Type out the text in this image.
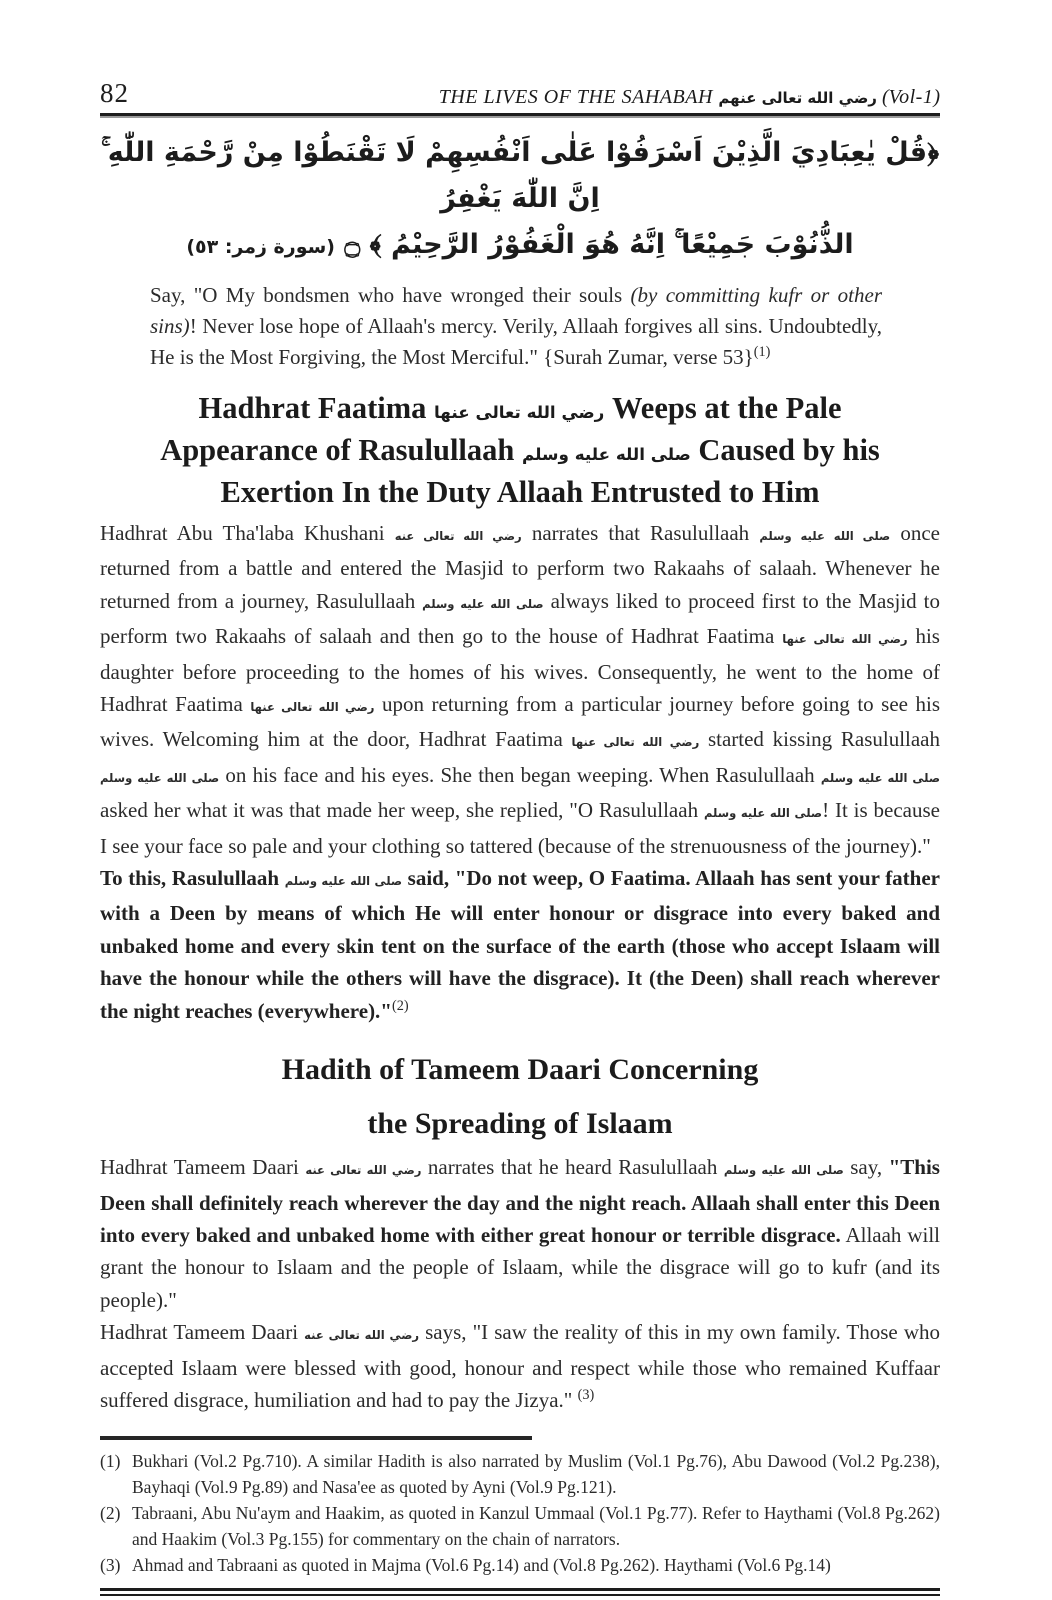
82	THE LIVES OF THE SAHABAH رضي الله تعالى عنهم (Vol-1)
﴿قُلْ يٰعِبَادِيَ الَّذِيْنَ اَسْرَفُوْا عَلٰى اَنْفُسِهِمْ لَا تَقْنَطُوْا مِنْ رَّحْمَةِ اللّٰهِ ۚ اِنَّ اللّٰهَ يَغْفِرُ
الذُّنُوْبَ جَمِيْعًا ۚ اِنَّهُ هُوَ الْغَفُوْرُ الرَّحِيْمُ ﴾ ۝ (سورة زمر: ٥٣)
Say, "O My bondsmen who have wronged their souls (by committing kufr or other sins)! Never lose hope of Allaah's mercy. Verily, Allaah forgives all sins. Undoubtedly, He is the Most Forgiving, the Most Merciful." {Surah Zumar, verse 53}$^{(1)}$
Hadhrat Faatima رضي الله تعالى عنها Weeps at the Pale
Appearance of Rasulullaah صلى الله عليه وسلم Caused by his
Exertion In the Duty Allaah Entrusted to Him

Hadhrat Abu Tha'laba Khushani رضي الله تعالى عنه narrates that Rasulullaah صلى الله عليه وسلم once returned from a battle and entered the Masjid to perform two Rakaahs of salaah. Whenever he returned from a journey, Rasulullaah صلى الله عليه وسلم always liked to proceed first to the Masjid to perform two Rakaahs of salaah and then go to the house of Hadhrat Faatima رضي الله تعالى عنها his daughter before proceeding to the homes of his wives. Consequently, he went to the home of Hadhrat Faatima رضي الله تعالى عنها upon returning from a particular journey before going to see his wives. Welcoming him at the door, Hadhrat Faatima رضي الله تعالى عنها started kissing Rasulullaah صلى الله عليه وسلم on his face and his eyes. She then began weeping. When Rasulullaah صلى الله عليه وسلم asked her what it was that made her weep, she replied, "O Rasulullaah صلى الله عليه وسلم! It is because I see your face so pale and your clothing so tattered (because of the strenuousness of the journey)."

To this, Rasulullaah صلى الله عليه وسلم said, "Do not weep, O Faatima. Allaah has sent your father with a Deen by means of which He will enter honour or disgrace into every baked and unbaked home and every skin tent on the surface of the earth (those who accept Islaam will have the honour while the others will have the disgrace). It (the Deen) shall reach wherever the night reaches (everywhere)."$^{(2)}$

Hadith of Tameem Daari Concerning
the Spreading of Islaam

Hadhrat Tameem Daari رضي الله تعالى عنه narrates that he heard Rasulullaah صلى الله عليه وسلم say, "This Deen shall definitely reach wherever the day and the night reach. Allaah shall enter this Deen into every baked and unbaked home with either great honour or terrible disgrace. Allaah will grant the honour to Islaam and the people of Islaam, while the disgrace will go to kufr (and its people)."

Hadhrat Tameem Daari رضي الله تعالى عنه says, "I saw the reality of this in my own family. Those who accepted Islaam were blessed with good, honour and respect while those who remained Kuffaar suffered disgrace, humiliation and had to pay the Jizya." $^{(3)}$

(1) Bukhari (Vol.2 Pg.710). A similar Hadith is also narrated by Muslim (Vol.1 Pg.76), Abu Dawood (Vol.2 Pg.238), Bayhaqi (Vol.9 Pg.89) and Nasa'ee as quoted by Ayni (Vol.9 Pg.121).
(2) Tabraani, Abu Nu'aym and Haakim, as quoted in Kanzul Ummaal (Vol.1 Pg.77). Refer to Haythami (Vol.8 Pg.262) and Haakim (Vol.3 Pg.155) for commentary on the chain of narrators.
(3) Ahmad and Tabraani as quoted in Majma (Vol.6 Pg.14) and (Vol.8 Pg.262). Haythami (Vol.6 Pg.14)
